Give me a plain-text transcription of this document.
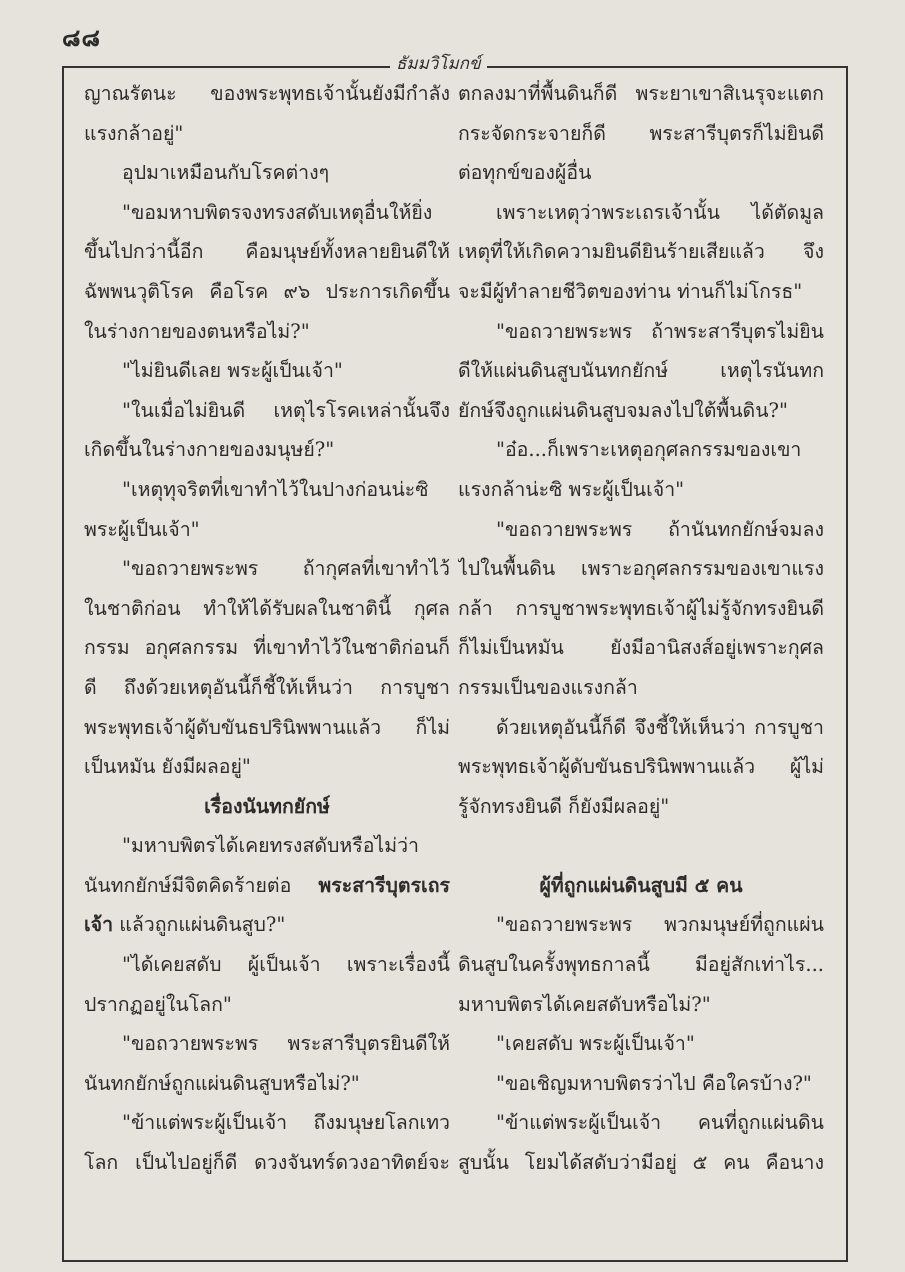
๘๘
ธัมมวิโมกข์
ญาณรัตนะ ของพระพุทธเจ้านั้นยังมีกำลัง
แรงกล้าอยู่"
อุปมาเหมือนกับโรคต่างๆ
"ขอมหาบพิตรจงทรงสดับเหตุอื่นให้ยิ่ง
ขึ้นไปกว่านี้อีก คือมนุษย์ทั้งหลายยินดีให้
ฉัพพนวุติโรค คือโรค ๙๖ ประการเกิดขึ้น
ในร่างกายของตนหรือไม่?"
"ไม่ยินดีเลย พระผู้เป็นเจ้า"
"ในเมื่อไม่ยินดี เหตุไรโรคเหล่านั้นจึง
เกิดขึ้นในร่างกายของมนุษย์?"
"เหตุทุจริตที่เขาทำไว้ในปางก่อนน่ะซิ
พระผู้เป็นเจ้า"
"ขอถวายพระพร ถ้ากุศลที่เขาทำไว้
ในชาติก่อน ทำให้ได้รับผลในชาตินี้ กุศล
กรรม อกุศลกรรม ที่เขาทำไว้ในชาติก่อนก็
ดี ถึงด้วยเหตุอันนี้ก็ชี้ให้เห็นว่า การบูชา
พระพุทธเจ้าผู้ดับขันธปรินิพพานแล้ว ก็ไม่
เป็นหมัน ยังมีผลอยู่"
เรื่องนันทกยักษ์
"มหาบพิตรได้เคยทรงสดับหรือไม่ว่า
นันทกยักษ์มีจิตคิดร้ายต่อ พระสารีบุตรเถร
เจ้า แล้วถูกแผ่นดินสูบ?"
"ได้เคยสดับ ผู้เป็นเจ้า เพราะเรื่องนี้
ปรากฏอยู่ในโลก"
"ขอถวายพระพร พระสารีบุตรยินดีให้
นันทกยักษ์ถูกแผ่นดินสูบหรือไม่?"
"ข้าแต่พระผู้เป็นเจ้า ถึงมนุษยโลกเทว
โลก เป็นไปอยู่ก็ดี ดวงจันทร์ดวงอาทิตย์จะ
ตกลงมาที่พื้นดินก็ดี พระยาเขาสิเนรุจะแตก
กระจัดกระจายก็ดี พระสารีบุตรก็ไม่ยินดี
ต่อทุกข์ของผู้อื่น
เพราะเหตุว่าพระเถรเจ้านั้น ได้ตัดมูล
เหตุที่ให้เกิดความยินดียินร้ายเสียแล้ว จึง
จะมีผู้ทำลายชีวิตของท่าน ท่านก็ไม่โกรธ"
"ขอถวายพระพร ถ้าพระสารีบุตรไม่ยิน
ดีให้แผ่นดินสูบนันทกยักษ์ เหตุไรนันทก
ยักษ์จึงถูกแผ่นดินสูบจมลงไปใต้พื้นดิน?"
"อ๋อ...ก็เพราะเหตุอกุศลกรรมของเขา
แรงกล้าน่ะซิ พระผู้เป็นเจ้า"
"ขอถวายพระพร ถ้านันทกยักษ์จมลง
ไปในพื้นดิน เพราะอกุศลกรรมของเขาแรง
กล้า การบูชาพระพุทธเจ้าผู้ไม่รู้จักทรงยินดี
ก็ไม่เป็นหมัน ยังมีอานิสงส์อยู่เพราะกุศล
กรรมเป็นของแรงกล้า
ด้วยเหตุอันนี้ก็ดี จึงชี้ให้เห็นว่า การบูชา
พระพุทธเจ้าผู้ดับขันธปรินิพพานแล้ว ผู้ไม่
รู้จักทรงยินดี ก็ยังมีผลอยู่"
ผู้ที่ถูกแผ่นดินสูบมี ๕ คน
"ขอถวายพระพร พวกมนุษย์ที่ถูกแผ่น
ดินสูบในครั้งพุทธกาลนี้ มีอยู่สักเท่าไร...
มหาบพิตรได้เคยสดับหรือไม่?"
"เคยสดับ พระผู้เป็นเจ้า"
"ขอเชิญมหาบพิตรว่าไป คือใครบ้าง?"
"ข้าแต่พระผู้เป็นเจ้า คนที่ถูกแผ่นดิน
สูบนั้น โยมได้สดับว่ามีอยู่ ๕ คน คือนาง
